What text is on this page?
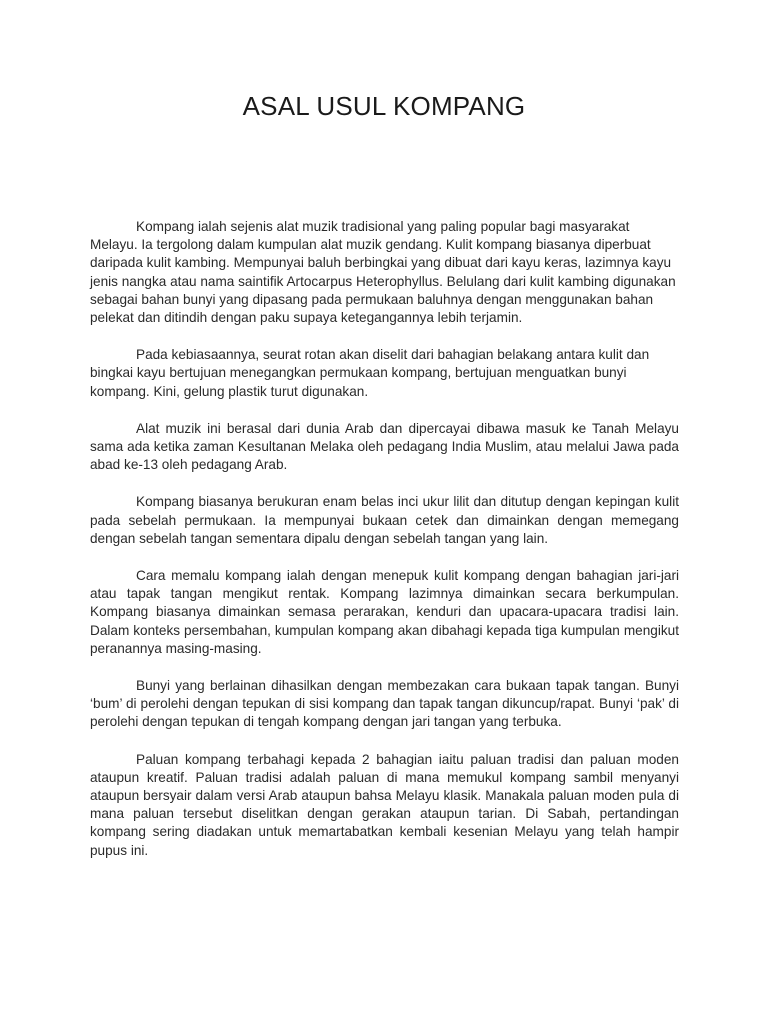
ASAL USUL KOMPANG

Kompang ialah sejenis alat muzik tradisional yang paling popular bagi masyarakat Melayu. Ia tergolong dalam kumpulan alat muzik gendang. Kulit kompang biasanya diperbuat daripada kulit kambing. Mempunyai baluh berbingkai yang dibuat dari kayu keras, lazimnya kayu jenis nangka atau nama saintifik Artocarpus Heterophyllus. Belulang dari kulit kambing digunakan sebagai bahan bunyi yang dipasang pada permukaan baluhnya dengan menggunakan bahan pelekat dan ditindih dengan paku supaya ketegangannya lebih terjamin.

Pada kebiasaannya, seurat rotan akan diselit dari bahagian belakang antara kulit dan bingkai kayu bertujuan menegangkan permukaan kompang, bertujuan menguatkan bunyi kompang. Kini, gelung plastik turut digunakan.

Alat muzik ini berasal dari dunia Arab dan dipercayai dibawa masuk ke Tanah Melayu sama ada ketika zaman Kesultanan Melaka oleh pedagang India Muslim, atau melalui Jawa pada abad ke-13 oleh pedagang Arab.

Kompang biasanya berukuran enam belas inci ukur lilit dan ditutup dengan kepingan kulit pada sebelah permukaan. Ia mempunyai bukaan cetek dan dimainkan dengan memegang dengan sebelah tangan sementara dipalu dengan sebelah tangan yang lain.

Cara memalu kompang ialah dengan menepuk kulit kompang dengan bahagian jari-jari atau tapak tangan mengikut rentak. Kompang lazimnya dimainkan secara berkumpulan. Kompang biasanya dimainkan semasa perarakan, kenduri dan upacara-upacara tradisi lain. Dalam konteks persembahan, kumpulan kompang akan dibahagi kepada tiga kumpulan mengikut peranannya masing-masing.

Bunyi yang berlainan dihasilkan dengan membezakan cara bukaan tapak tangan. Bunyi ‘bum’ di perolehi dengan tepukan di sisi kompang dan tapak tangan dikuncup/rapat. Bunyi ‘pak’ di perolehi dengan tepukan di tengah kompang dengan jari tangan yang terbuka.

Paluan kompang terbahagi kepada 2 bahagian iaitu paluan tradisi dan paluan moden ataupun kreatif. Paluan tradisi adalah paluan di mana memukul kompang sambil menyanyi ataupun bersyair dalam versi Arab ataupun bahsa Melayu klasik. Manakala paluan moden pula di mana paluan tersebut diselitkan dengan gerakan ataupun tarian. Di Sabah, pertandingan kompang sering diadakan untuk memartabatkan kembali kesenian Melayu yang telah hampir pupus ini.
